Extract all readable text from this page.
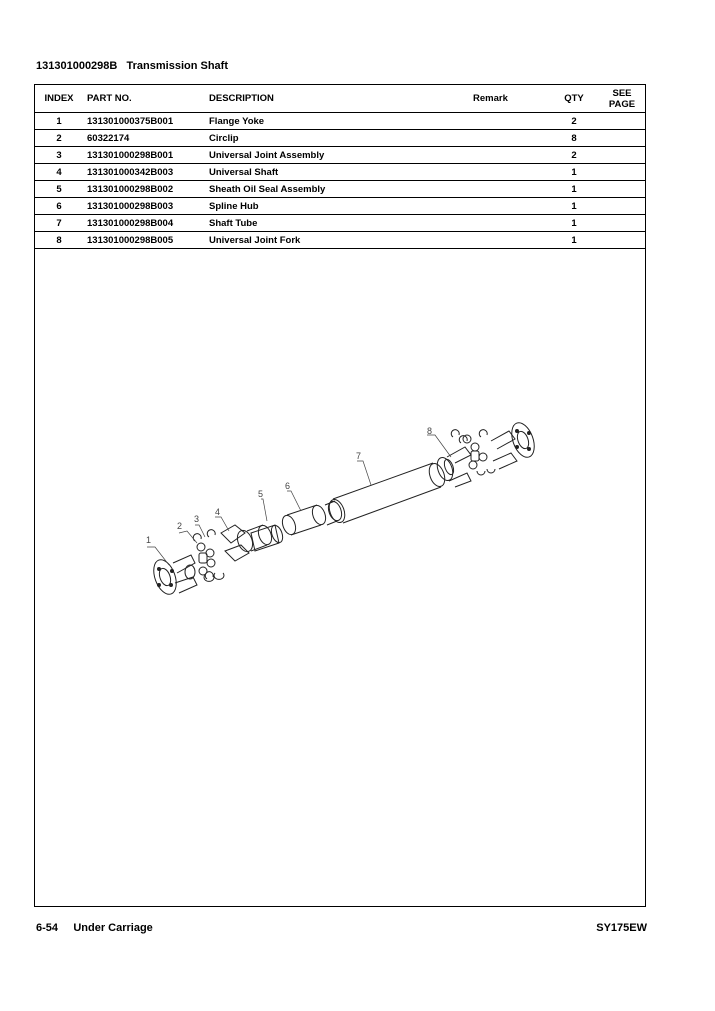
131301000298B Transmission Shaft
INDEX	PART NO.	DESCRIPTION	Remark	QTY	SEE
PAGE
1	131301000375B001	Flange Yoke		2	
2	60322174	Circlip		8	
3	131301000298B001	Universal Joint Assembly		2	
4	131301000342B003	Universal Shaft		1	
5	131301000298B002	Sheath Oil Seal Assembly		1	
6	131301000298B003	Spline Hub		1	
7	131301000298B004	Shaft Tube		1	
8	131301000298B005	Universal Joint Fork		1	
1
2
3
4
5
6
7
8
6-54 Under Carriage	SY175EW
